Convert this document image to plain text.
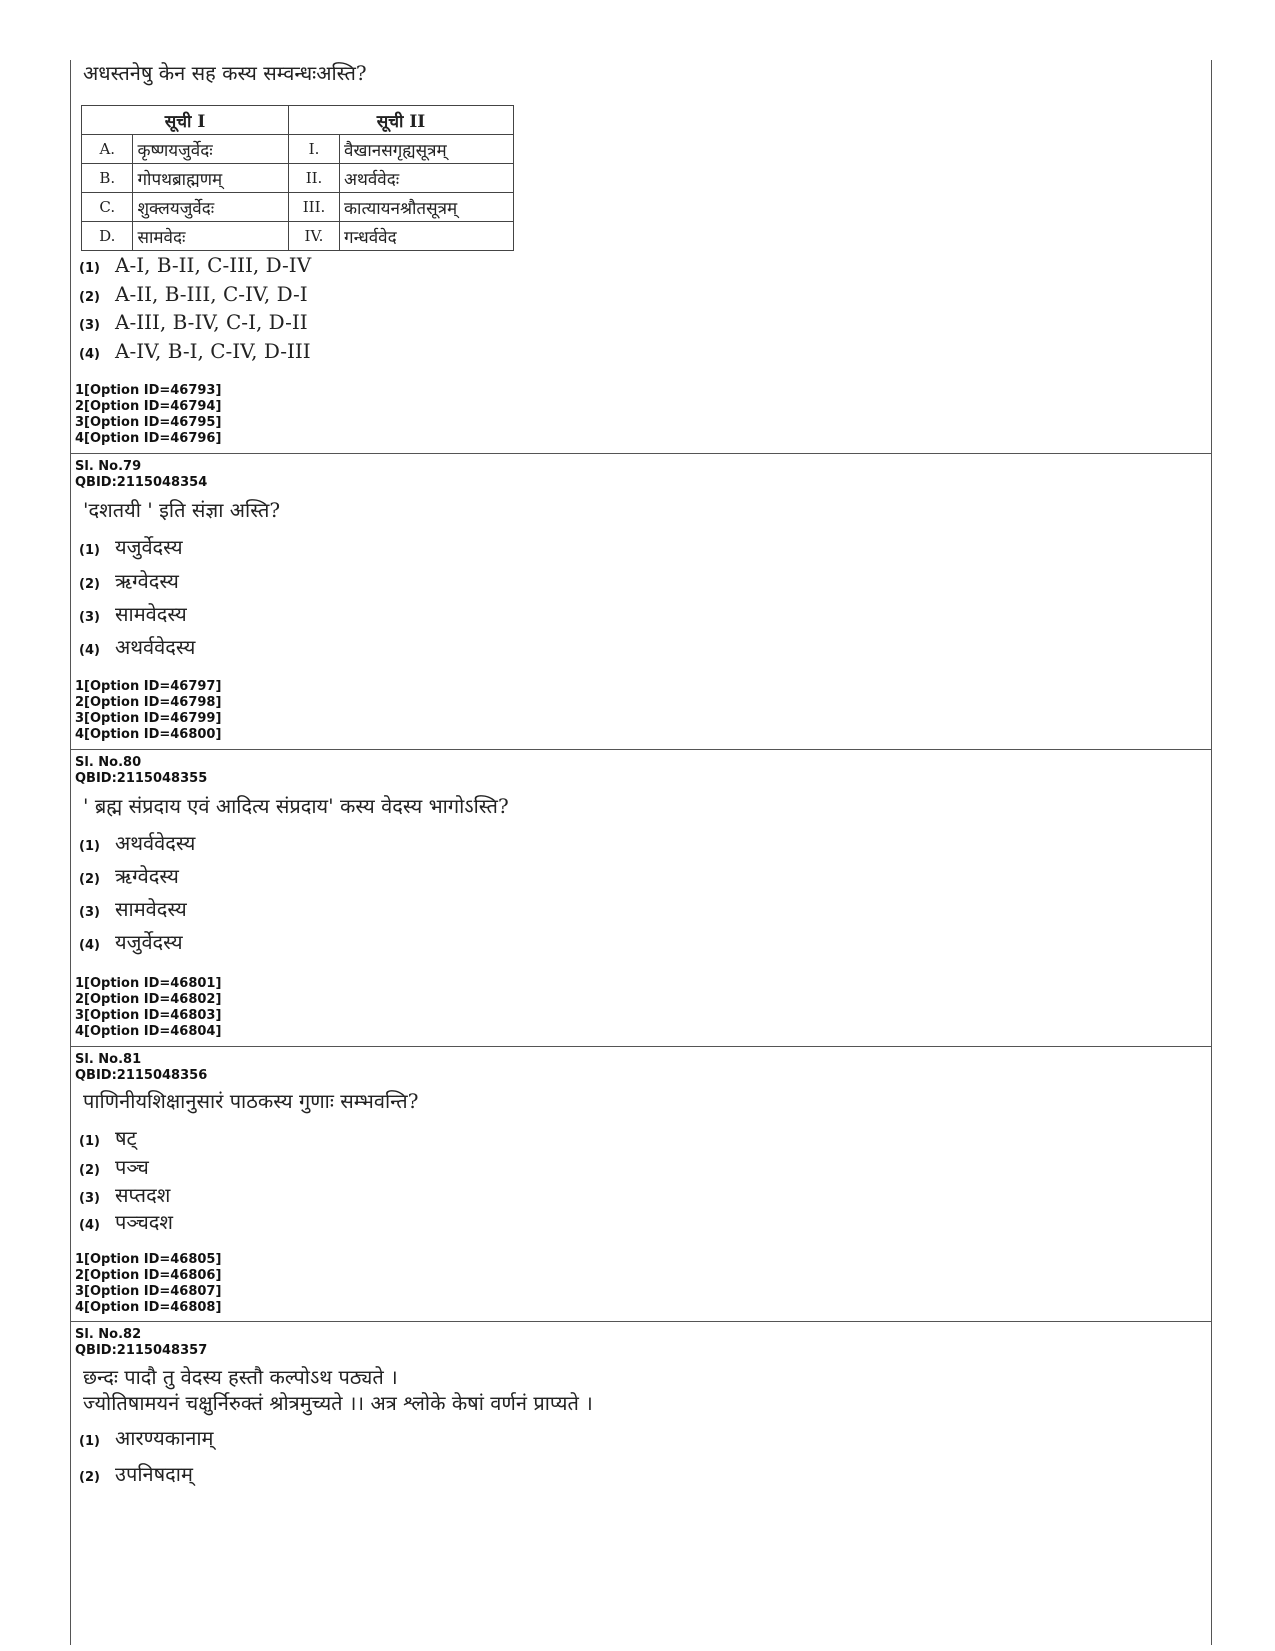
अधस्तनेषु केन सह कस्य सम्वन्धःअस्ति?
सूची I		सूची II	
A.	कृष्णयजुर्वेदः	I.	वैखानसगृह्यसूत्रम्
B.	गोपथब्राह्मणम्	II.	अथर्ववेदः
C.	शुक्लयजुर्वेदः	III.	कात्यायनश्रौतसूत्रम्
D.	सामवेदः	IV.	गन्धर्ववेद
(1) A-I, B-II, C-III, D-IV
(2) A-II, B-III, C-IV, D-I
(3) A-III, B-IV, C-I, D-II
(4) A-IV, B-I, C-IV, D-III
1[Option ID=46793]
2[Option ID=46794]
3[Option ID=46795]
4[Option ID=46796]
Sl. No.79
QBID:2115048354
'दशतयी ' इति संज्ञा अस्ति?
(1) यजुर्वेदस्य
(2) ऋग्वेदस्य
(3) सामवेदस्य
(4) अथर्ववेदस्य
1[Option ID=46797]
2[Option ID=46798]
3[Option ID=46799]
4[Option ID=46800]
Sl. No.80
QBID:2115048355
' ब्रह्म संप्रदाय एवं आदित्य संप्रदाय' कस्य वेदस्य भागोऽस्ति?
(1) अथर्ववेदस्य
(2) ऋग्वेदस्य
(3) सामवेदस्य
(4) यजुर्वेदस्य
1[Option ID=46801]
2[Option ID=46802]
3[Option ID=46803]
4[Option ID=46804]
Sl. No.81
QBID:2115048356
पाणिनीयशिक्षानुसारं पाठकस्य गुणाः सम्भवन्ति?
(1) षट्
(2) पञ्च
(3) सप्तदश
(4) पञ्चदश
1[Option ID=46805]
2[Option ID=46806]
3[Option ID=46807]
4[Option ID=46808]
Sl. No.82
QBID:2115048357
छन्दः पादौ तु वेदस्य हस्तौ कल्पोऽथ पठ्यते ।
ज्योतिषामयनं चक्षुर्निरुक्तं श्रोत्रमुच्यते ।। अत्र श्लोके केषां वर्णनं प्राप्यते ।
(1) आरण्यकानाम्
(2) उपनिषदाम्
